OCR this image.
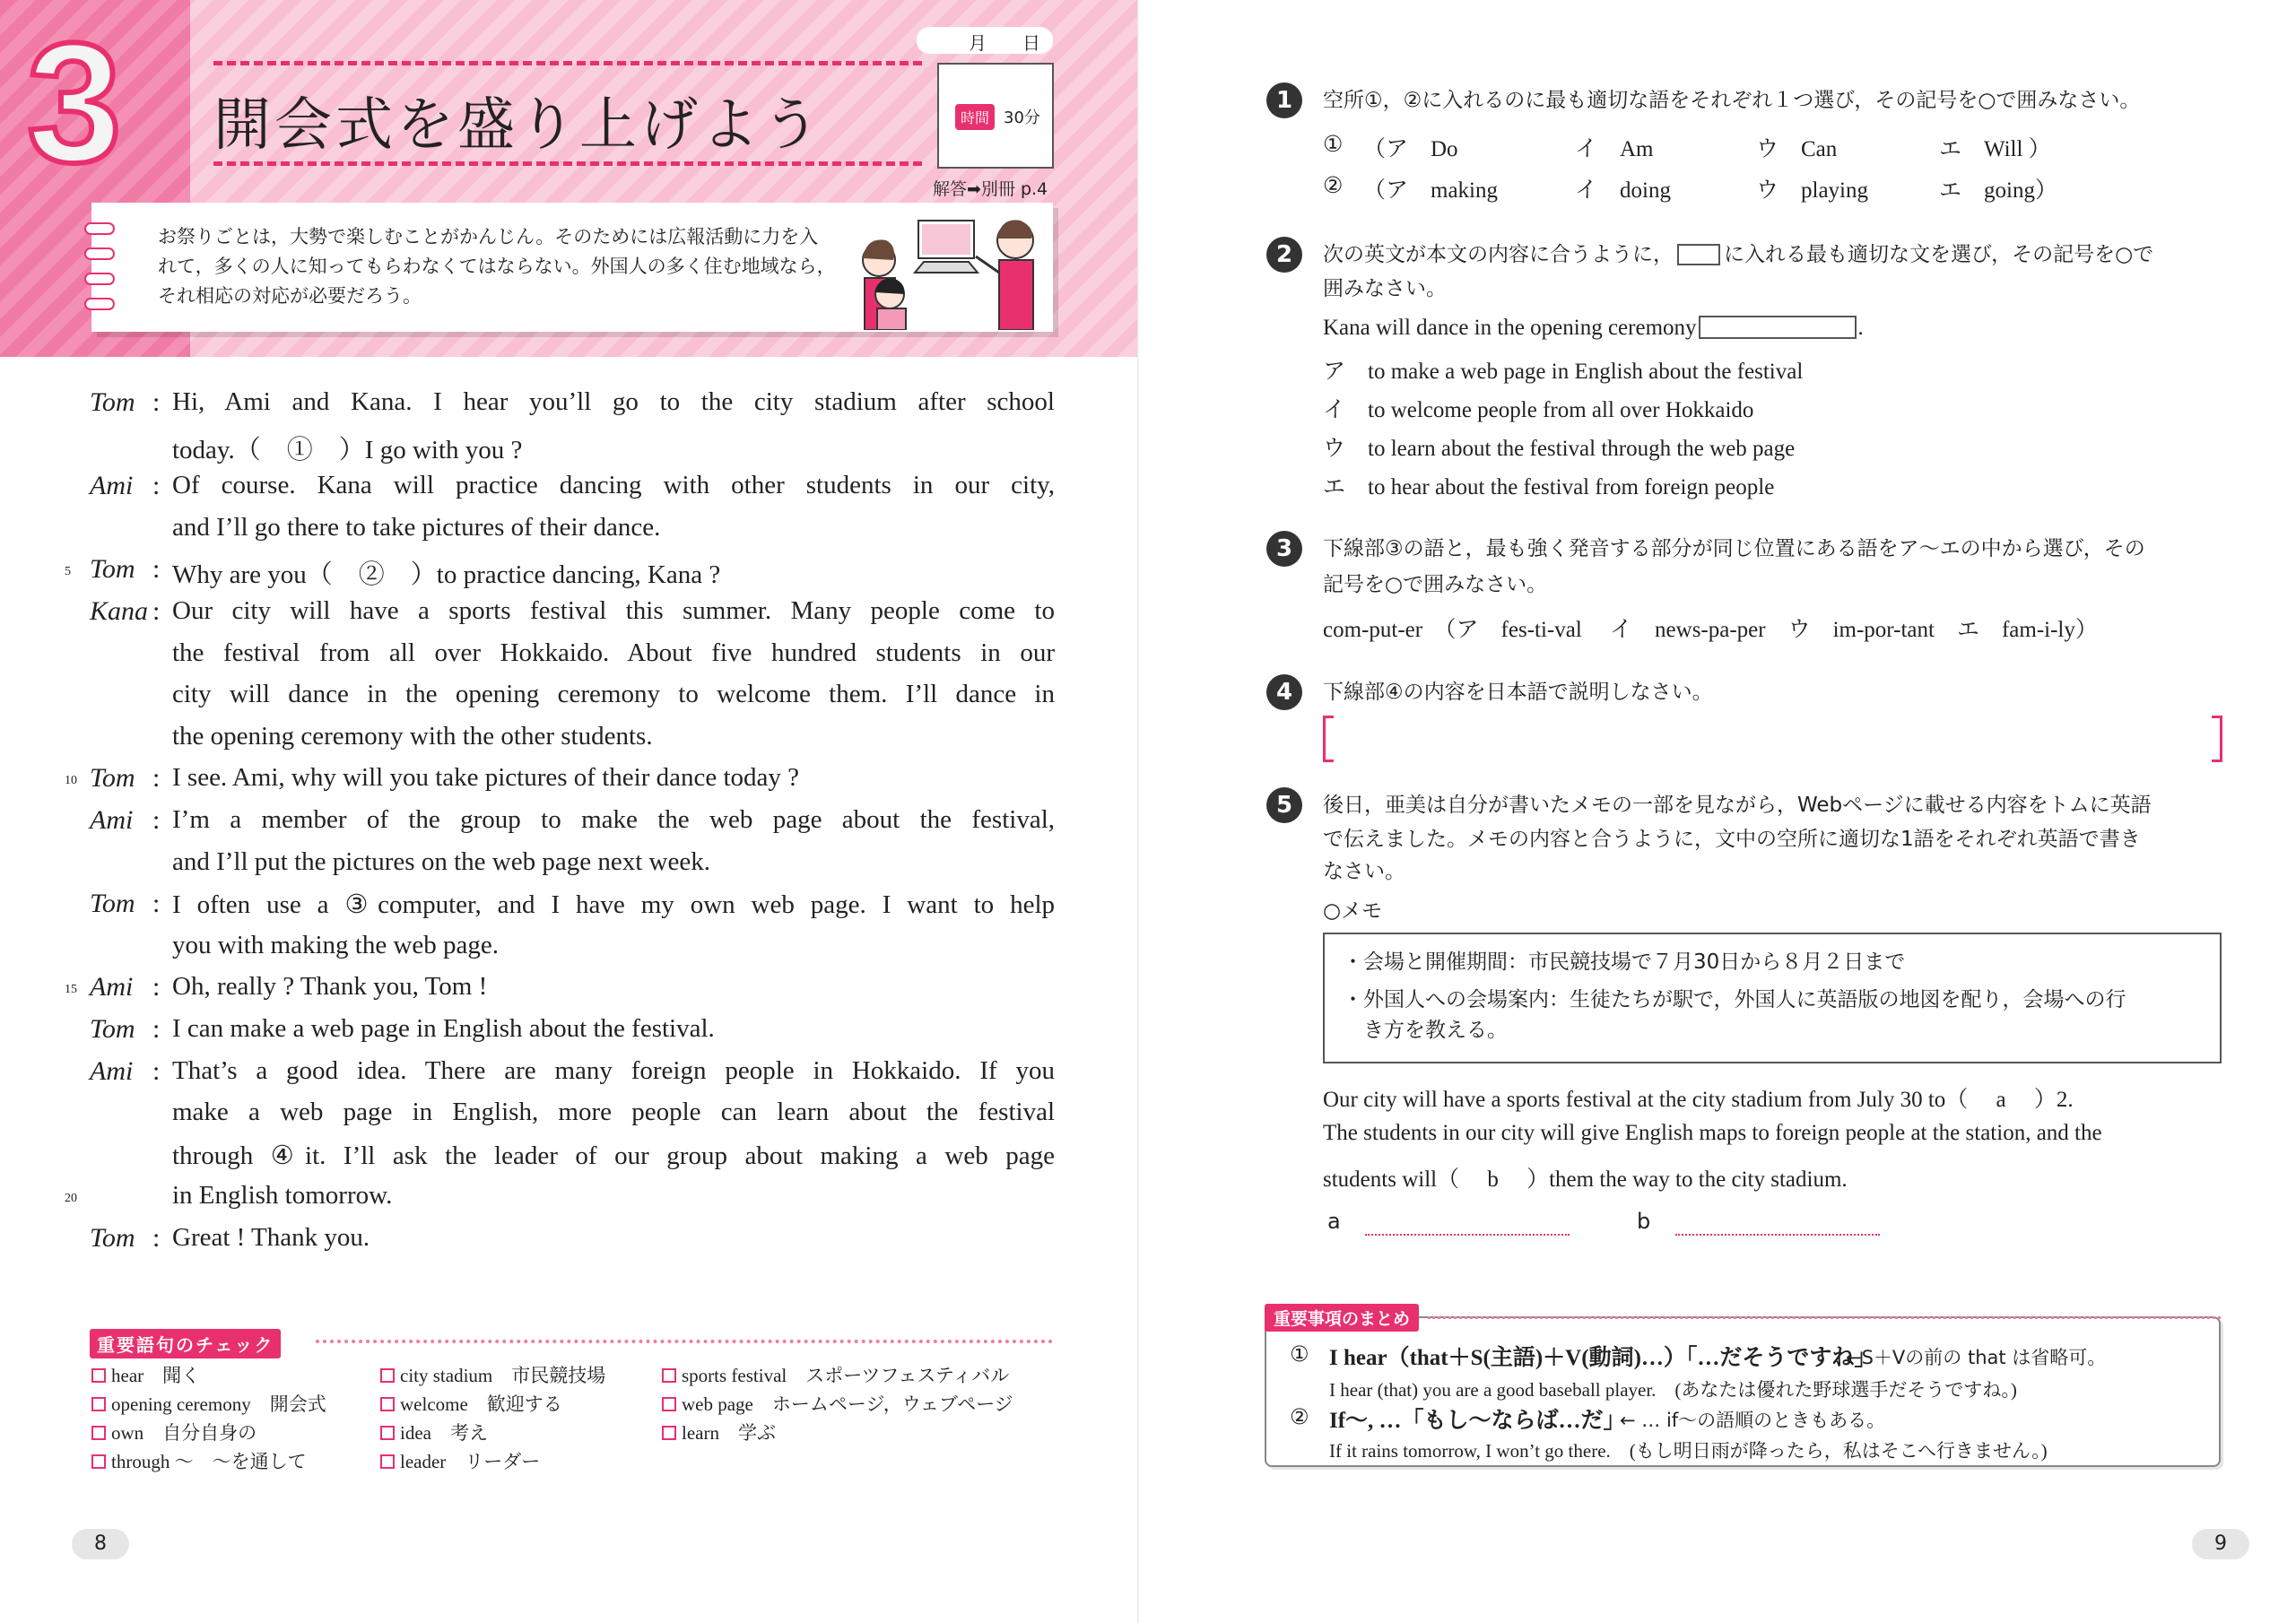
3 開会式を盛り上げよう
月 日
時間 30分
解答➡別冊 p.4
お祭りごとは，大勢で楽しむことがかんじん。そのためには広報活動に力を入
れて，多くの人に知ってもらわなくてはならない。外国人の多く住む地域なら，
それ相応の対応が必要だろう。
Tom : Hi, Ami and Kana. I hear you’ll go to the city stadium after school
today.（　①　）I go with you ?
Ami : Of course. Kana will practice dancing with other students in our city,
and I’ll go there to take pictures of their dance.
Tom :
5	Why are you（　②　）to practice dancing, Kana ?
Kana : Our city will have a sports festival this summer. Many people come to
the festival from all over Hokkaido. About five hundred students in our
city will dance in the opening ceremony to welcome them. I’ll dance in
the opening ceremony with the other students.
Tom :
10	I see. Ami, why will you take pictures of their dance today ?
Ami : I’m a member of the group to make the web page about the festival,
and I’ll put the pictures on the web page next week.
Tom : I often use a ③computer, and I have my own web page. I want to help
you with making the web page.
Ami :
15	Oh, really ? Thank you, Tom !
Tom : I can make a web page in English about the festival.
Ami : That’s a good idea. There are many foreign people in Hokkaido. If you
make a web page in English, more people can learn about the festival
through ④it. I’ll ask the leader of our group about making a web page
20	in English tomorrow.
Tom : Great ! Thank you.
重要語句のチェック
hear　聞く
opening ceremony　開会式
own　自分自身の
through ～　～を通して
city stadium　市民競技場
welcome　歓迎する
idea　考え
leader　リーダー
sports festival　スポーツフェスティバル
web page　ホームページ，ウェブページ
learn　学ぶ
8
1	空所①，②に入れるのに最も適切な語をそれぞれ１つ選び，その記号を○で囲みなさい。
① （ア　Do	イ　Am	ウ　Can	エ　Will ）
② （ア　making	イ　doing	ウ　playing	エ　going）
2	次の英文が本文の内容に合うように， に入れる最も適切な文を選び，その記号を○で
囲みなさい。
Kana will dance in the opening ceremony	.
ア　to make a web page in English about the festival
イ　to welcome people from all over Hokkaido
ウ　to learn about the festival through the web page
エ　to hear about the festival from foreign people
3	下線部③の語と，最も強く発音する部分が同じ位置にある語をア～エの中から選び，その
記号を○で囲みなさい。
com-put-er　（ア　fes-ti-val　 イ　news-pa-per　ウ　im-por-tant　エ　fam-i-ly）
4	下線部④の内容を日本語で説明しなさい。
5	後日，亜美は自分が書いたメモの一部を見ながら，Webページに載せる内容をトムに英語
で伝えました。メモの内容と合うように，文中の空所に適切な1語をそれぞれ英語で書き
なさい。
○メモ
・会場と開催期間：市民競技場で７月30日から８月２日まで
・外国人への会場案内：生徒たちが駅で，外国人に英語版の地図を配り，会場への行
　き方を教える。
Our city will have a sports festival at the city stadium from July 30 to（　 a 　）2.
The students in our city will give English maps to foreign people at the station, and the
students will（　 b 　）them the way to the city stadium.
a	b
重要事項のまとめ
① I hear（that＋S(主語)＋V(動詞)…）「…だそうですね」
←S＋Vの前の that は省略可。
I hear (that) you are a good baseball player.　(あなたは優れた野球選手だそうですね。)
② If～, …「もし～ならば…だ」
← … if～の語順のときもある。
If it rains tomorrow, I won’t go there.　(もし明日雨が降ったら，私はそこへ行きません。)
9
